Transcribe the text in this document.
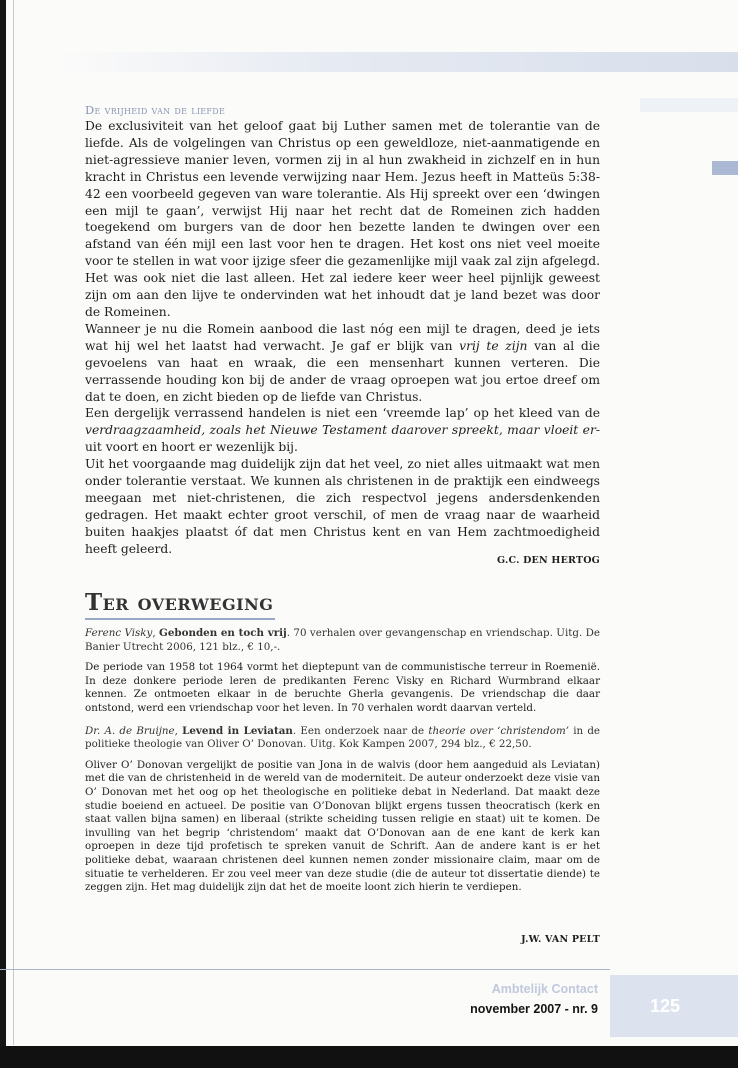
De vrijheid van de liefde

De exclusiviteit van het geloof gaat bij Luther samen met de tolerantie van de liefde. Als de volgelingen van Christus op een geweldloze, niet-aanmatigende en niet-agressieve manier leven, vormen zij in al hun zwakheid in zichzelf en in hun kracht in Christus een levende verwijzing naar Hem. Jezus heeft in Matteüs 5:38-42 een voorbeeld gegeven van ware tolerantie. Als Hij spreekt over een ‘dwingen een mijl te gaan’, verwijst Hij naar het recht dat de Romeinen zich hadden toegekend om burgers van de door hen bezette landen te dwingen over een afstand van één mijl een last voor hen te dragen. Het kost ons niet veel moeite voor te stellen in wat voor ijzige sfeer die gezamenlijke mijl vaak zal zijn afgelegd. Het was ook niet die last alleen. Het zal iedere keer weer heel pijnlijk geweest zijn om aan den lijve te ondervinden wat het inhoudt dat je land bezet was door de Romeinen.

Wanneer je nu die Romein aanbood die last nóg een mijl te dragen, deed je iets wat hij wel het laatst had verwacht. Je gaf er blijk van vrij te zijn van al die gevoelens van haat en wraak, die een mensenhart kunnen verteren. Die verrassende houding kon bij de ander de vraag oproepen wat jou ertoe dreef om dat te doen, en zicht bieden op de liefde van Christus.

Een dergelijk verrassend handelen is niet een ‘vreemde lap’ op het kleed van de verdraagzaamheid, zoals het Nieuwe Testament daarover spreekt, maar vloeit er-uit voort en hoort er wezenlijk bij.

Uit het voorgaande mag duidelijk zijn dat het veel, zo niet alles uitmaakt wat men onder tolerantie verstaat. We kunnen als christenen in de praktijk een eindweegs meegaan met niet-christenen, die zich respectvol jegens andersdenkenden gedragen. Het maakt echter groot verschil, of men de vraag naar de waarheid buiten haakjes plaatst óf dat men Christus kent en van Hem zachtmoedigheid heeft geleerd.

G.C. DEN HERTOG
Ter overweging

Ferenc Visky, Gebonden en toch vrij. 70 verhalen over gevangenschap en vriendschap. Uitg. De Banier Utrecht 2006, 121 blz., € 10,-.

De periode van 1958 tot 1964 vormt het dieptepunt van de communistische terreur in Roemenië. In deze donkere periode leren de predikanten Ferenc Visky en Richard Wurmbrand elkaar kennen. Ze ontmoeten elkaar in de beruchte Gherla gevangenis. De vriendschap die daar ontstond, werd een vriendschap voor het leven. In 70 verhalen wordt daarvan verteld.

Dr. A. de Bruijne, Levend in Leviatan. Een onderzoek naar de theorie over ‘christendom’ in de politieke theologie van Oliver O’ Donovan. Uitg. Kok Kampen 2007, 294 blz., € 22,50.

Oliver O’ Donovan vergelijkt de positie van Jona in de walvis (door hem aangeduid als Leviatan) met die van de christenheid in de wereld van de moderniteit. De auteur onderzoekt deze visie van O’ Donovan met het oog op het theologische en politieke debat in Nederland. Dat maakt deze studie boeiend en actueel. De positie van O’Donovan blijkt ergens tussen theocratisch (kerk en staat vallen bijna samen) en liberaal (strikte scheiding tussen religie en staat) uit te komen. De invulling van het begrip ‘christendom’ maakt dat O’Donovan aan de ene kant de kerk kan oproepen in deze tijd profetisch te spreken vanuit de Schrift. Aan de andere kant is er het politieke debat, waaraan christenen deel kunnen nemen zonder missionaire claim, maar om de situatie te verhelderen. Er zou veel meer van deze studie (die de auteur tot dissertatie diende) te zeggen zijn. Het mag duidelijk zijn dat het de moeite loont zich hierin te verdiepen.

J.W. VAN PELT
Ambtelijk Contact
november 2007 - nr. 9	125
